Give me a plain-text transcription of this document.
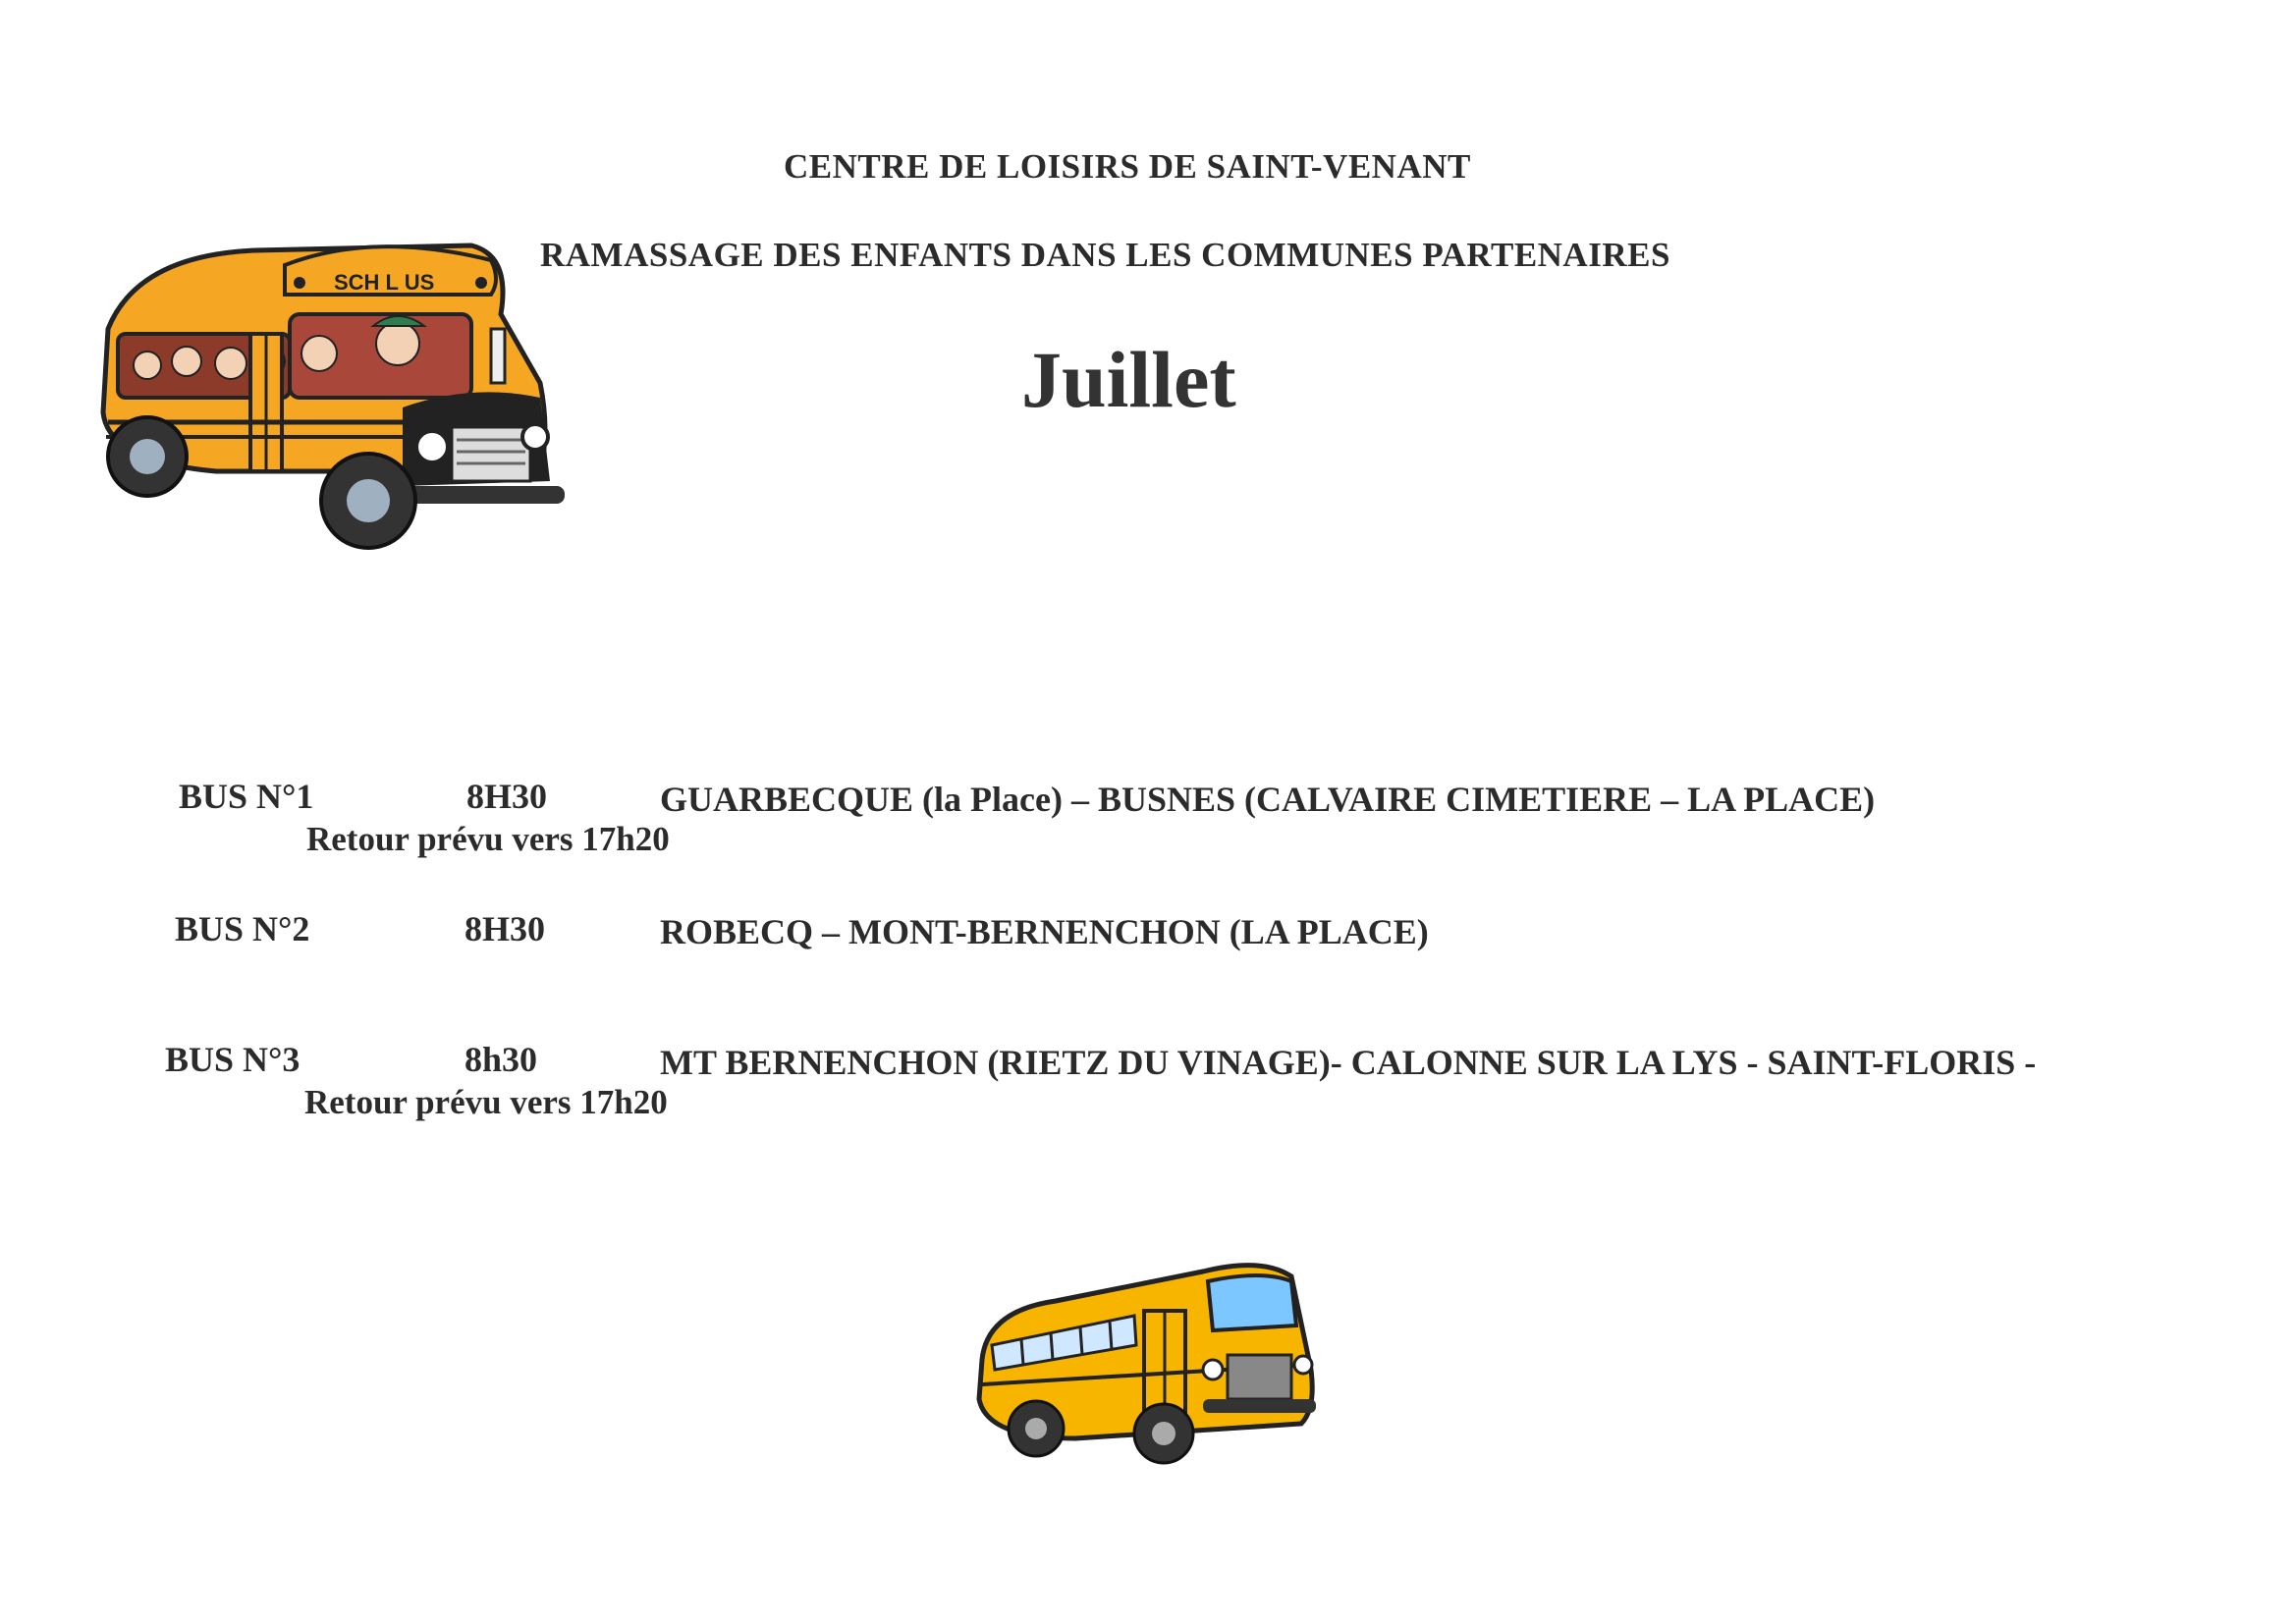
CENTRE DE LOISIRS DE SAINT-VENANT
RAMASSAGE DES ENFANTS DANS LES COMMUNES PARTENAIRES
Juillet
SCH L US
BUS N°1	8H30	GUARBECQUE (la Place) – BUSNES (CALVAIRE CIMETIERE – LA PLACE)
Retour prévu vers 17h20
BUS N°2	8H30	ROBECQ – MONT-BERNENCHON (LA PLACE)
BUS N°3	8h30	MT BERNENCHON (RIETZ DU VINAGE)- CALONNE SUR LA LYS - SAINT-FLORIS -
Retour prévu vers 17h20
